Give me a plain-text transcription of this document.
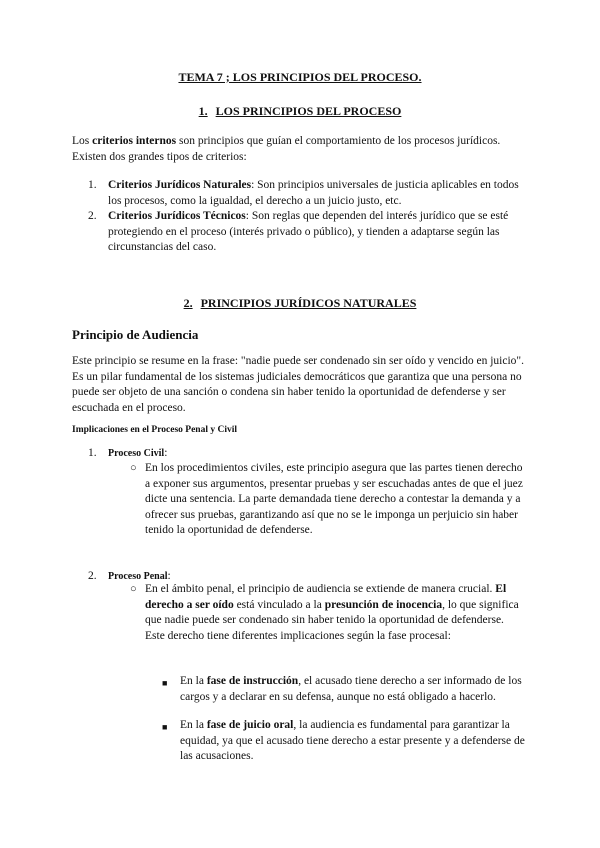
TEMA 7 ; LOS PRINCIPIOS DEL PROCESO.
1. LOS PRINCIPIOS DEL PROCESO
Los criterios internos son principios que guían el comportamiento de los procesos jurídicos. Existen dos grandes tipos de criterios:
1. Criterios Jurídicos Naturales: Son principios universales de justicia aplicables en todos los procesos, como la igualdad, el derecho a un juicio justo, etc.
2. Criterios Jurídicos Técnicos: Son reglas que dependen del interés jurídico que se esté protegiendo en el proceso (interés privado o público), y tienden a adaptarse según las circunstancias del caso.
2. PRINCIPIOS JURÍDICOS NATURALES
Principio de Audiencia
Este principio se resume en la frase: "nadie puede ser condenado sin ser oído y vencido en juicio". Es un pilar fundamental de los sistemas judiciales democráticos que garantiza que una persona no puede ser objeto de una sanción o condena sin haber tenido la oportunidad de defenderse y ser escuchada en el proceso.
Implicaciones en el Proceso Penal y Civil
1.	Proceso Civil:
○ En los procedimientos civiles, este principio asegura que las partes tienen derecho a exponer sus argumentos, presentar pruebas y ser escuchadas antes de que el juez dicte una sentencia. La parte demandada tiene derecho a contestar la demanda y a ofrecer sus pruebas, garantizando así que no se le imponga un perjuicio sin haber tenido la oportunidad de defenderse.
2.	Proceso Penal:
○ En el ámbito penal, el principio de audiencia se extiende de manera crucial. El derecho a ser oído está vinculado a la presunción de inocencia, lo que significa que nadie puede ser condenado sin haber tenido la oportunidad de defenderse. Este derecho tiene diferentes implicaciones según la fase procesal:
■ En la fase de instrucción, el acusado tiene derecho a ser informado de los cargos y a declarar en su defensa, aunque no está obligado a hacerlo.
■ En la fase de juicio oral, la audiencia es fundamental para garantizar la equidad, ya que el acusado tiene derecho a estar presente y a defenderse de las acusaciones.
